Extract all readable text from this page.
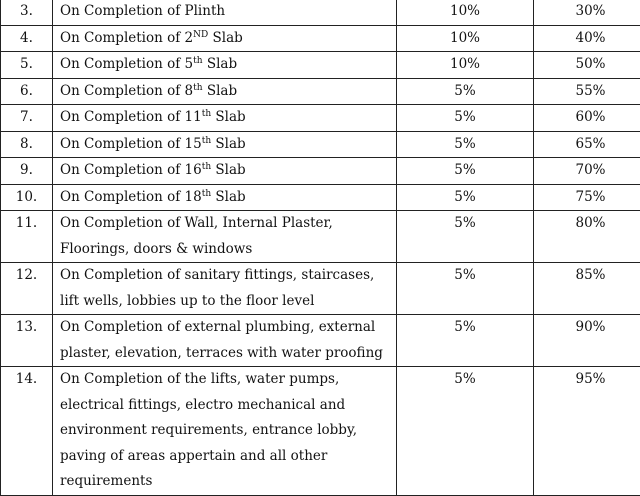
3.	On Completion of Plinth	10%	30%
4.	On Completion of 2ND Slab	10%	40%
5.	On Completion of 5th Slab	10%	50%
6.	On Completion of 8th Slab	5%	55%
7.	On Completion of 11th Slab	5%	60%
8.	On Completion of 15th Slab	5%	65%
9.	On Completion of 16th Slab	5%	70%
10.	On Completion of 18th Slab	5%	75%
11.	On Completion of Wall, Internal Plaster,
Floorings, doors & windows	5%	80%
12.	On Completion of sanitary fittings, staircases,
lift wells, lobbies up to the floor level	5%	85%
13.	On Completion of external plumbing, external
plaster, elevation, terraces with water proofing	5%	90%
14.	On Completion of the lifts, water pumps,
electrical fittings, electro mechanical and
environment requirements, entrance lobby,
paving of areas appertain and all other
requirements	5%	95%
